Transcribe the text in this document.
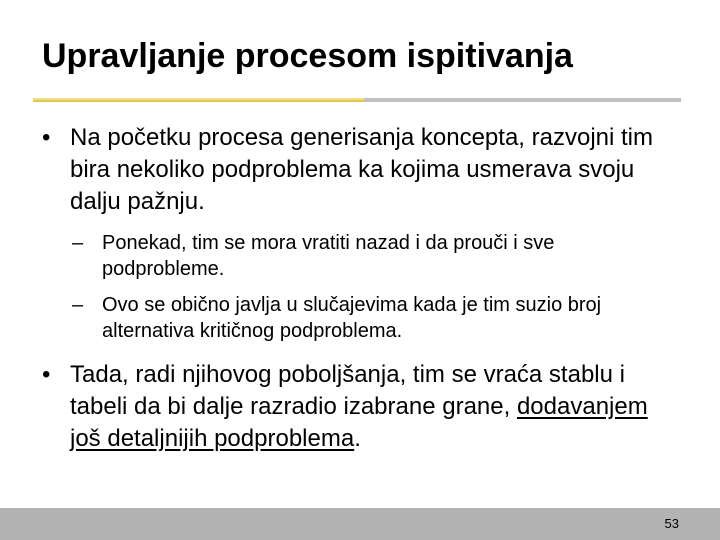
Upravljanje procesom ispitivanja
• Na početku procesa generisanja koncepta, razvojni tim bira nekoliko podproblema ka kojima usmerava svoju dalju pažnju.
– Ponekad, tim se mora vratiti nazad i da prouči i sve podprobleme.
– Ovo se obično javlja u slučajevima kada je tim suzio broj alternativa kritičnog podproblema.
• Tada, radi njihovog poboljšanja, tim se vraća stablu i tabeli da bi dalje razradio izabrane grane, dodavanjem još detaljnijih podproblema.
53
